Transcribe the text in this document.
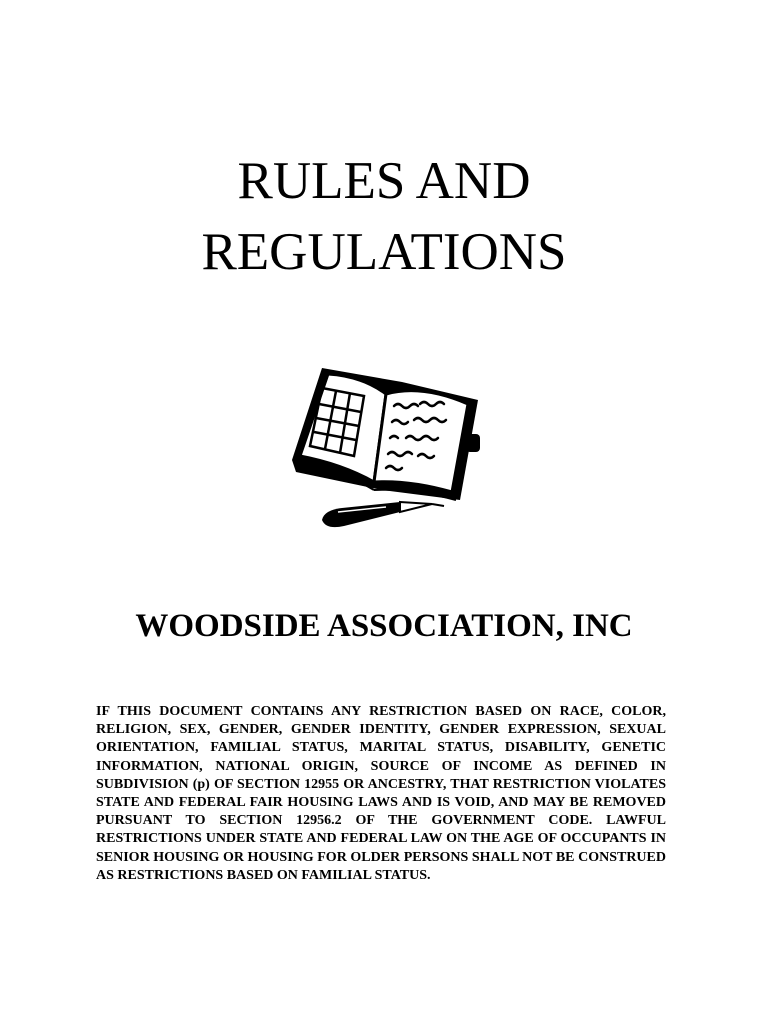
RULES AND
REGULATIONS
WOODSIDE ASSOCIATION, INC

IF THIS DOCUMENT CONTAINS ANY RESTRICTION BASED ON RACE, COLOR, RELIGION, SEX, GENDER, GENDER IDENTITY, GENDER EXPRESSION, SEXUAL ORIENTATION, FAMILIAL STATUS, MARITAL STATUS, DISABILITY, GENETIC INFORMATION, NATIONAL ORIGIN, SOURCE OF INCOME AS DEFINED IN SUBDIVISION (p) OF SECTION 12955 OR ANCESTRY, THAT RESTRICTION VIOLATES STATE AND FEDERAL FAIR HOUSING LAWS AND IS VOID, AND MAY BE REMOVED PURSUANT TO SECTION 12956.2 OF THE GOVERNMENT CODE. LAWFUL RESTRICTIONS UNDER STATE AND FEDERAL LAW ON THE AGE OF OCCUPANTS IN SENIOR HOUSING OR HOUSING FOR OLDER PERSONS SHALL NOT BE CONSTRUED AS RESTRICTIONS BASED ON FAMILIAL STATUS.
